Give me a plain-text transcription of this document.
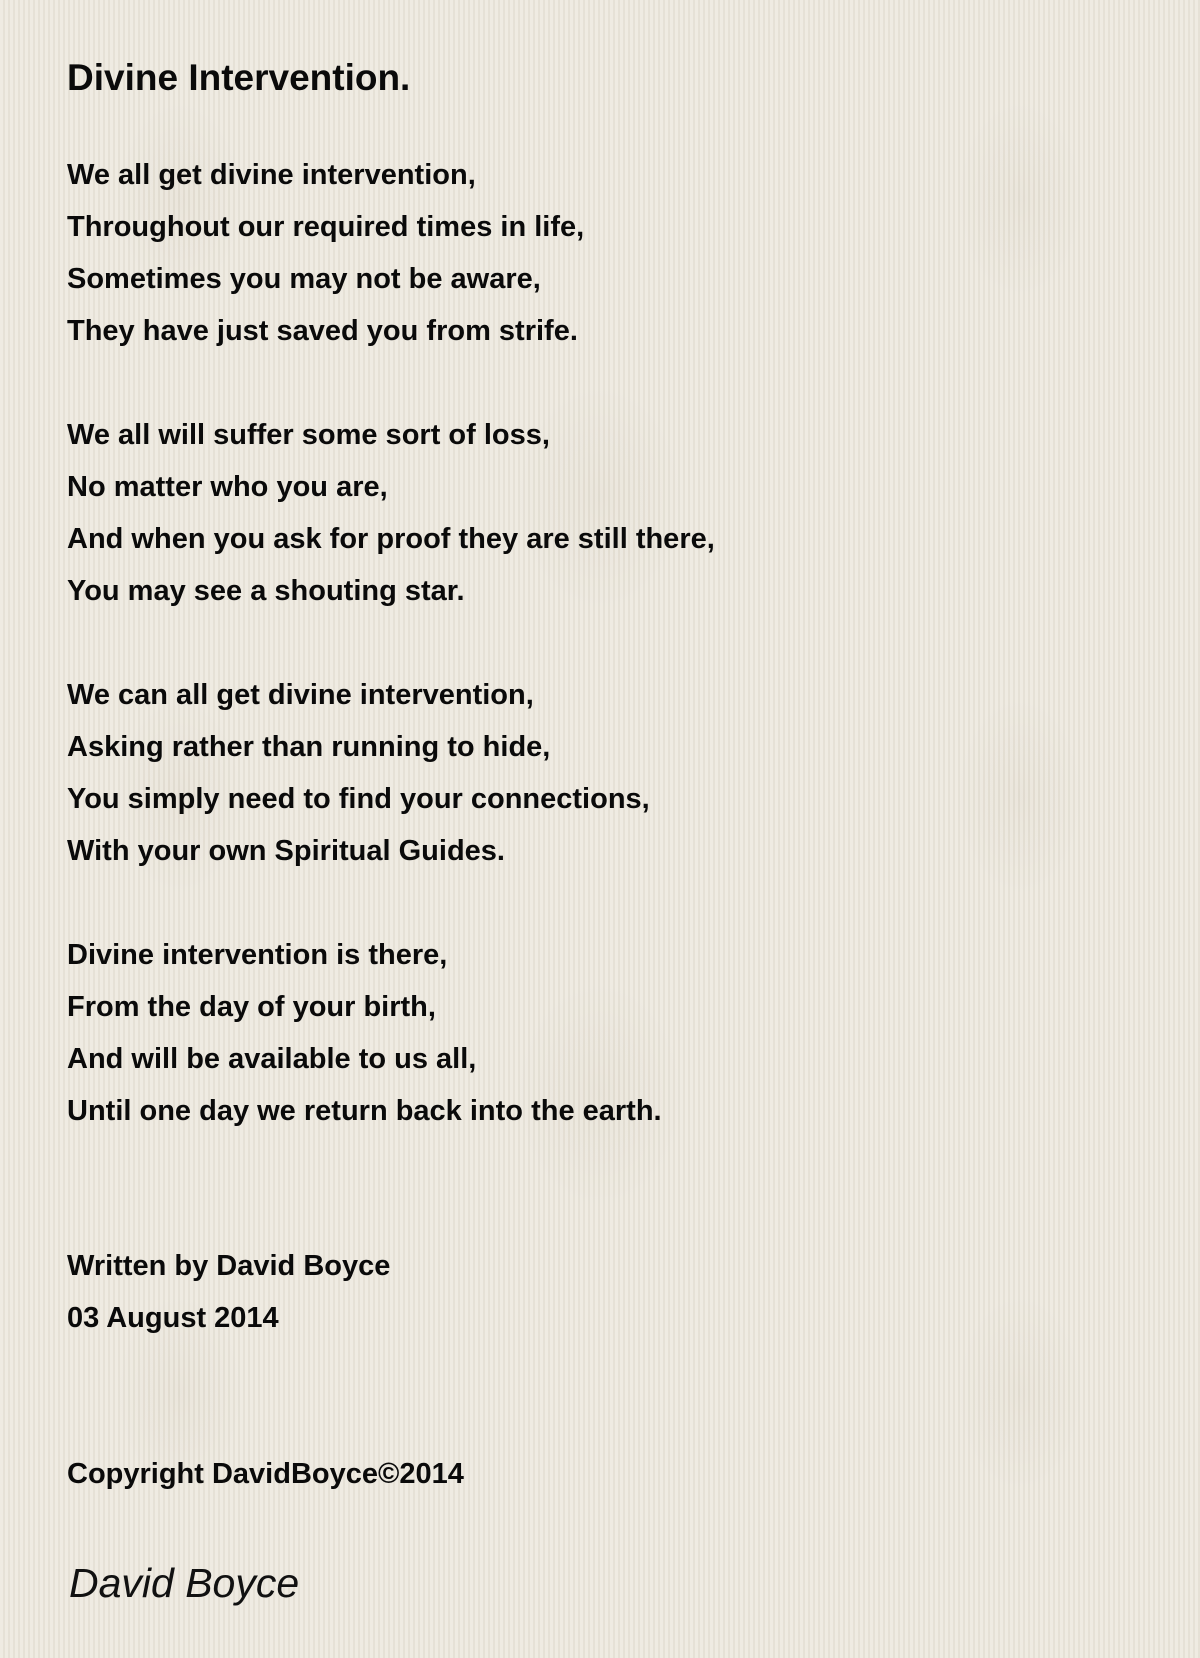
Divine Intervention.
We all get divine intervention,
Throughout our required times in life,
Sometimes you may not be aware,
They have just saved you from strife.
We all will suffer some sort of loss,
No matter who you are,
And when you ask for proof they are still there,
You may see a shouting star.
We can all get divine intervention,
Asking rather than running to hide,
You simply need to find your connections,
With your own Spiritual Guides.
Divine intervention is there,
From the day of your birth,
And will be available to us all,
Until one day we return back into the earth.
Written by David Boyce
03 August 2014
Copyright DavidBoyce©2014
David Boyce
